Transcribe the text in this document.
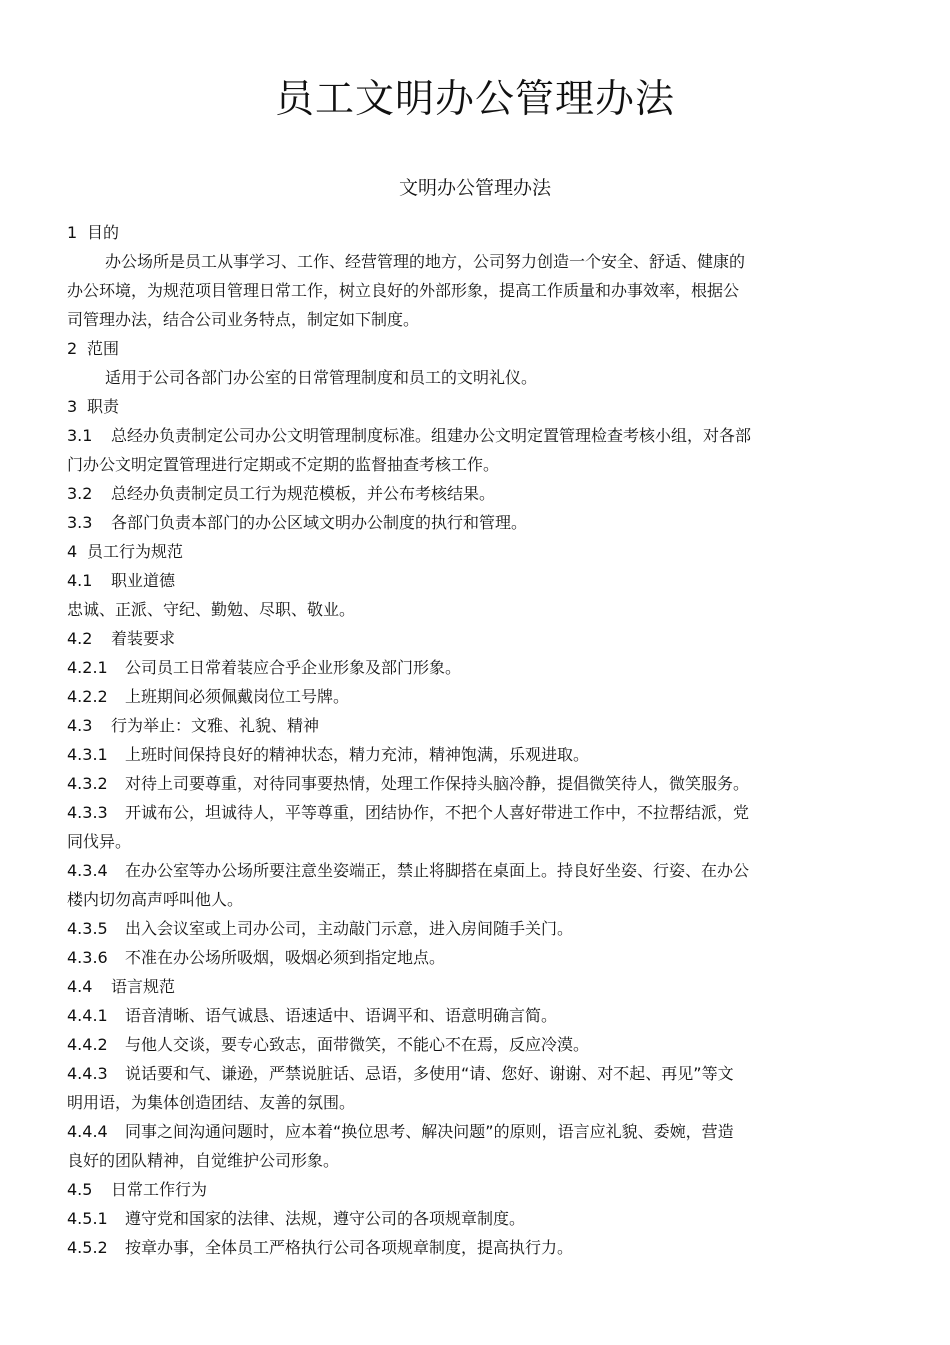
员工文明办公管理办法
文明办公管理办法

1 目的

办公场所是员工从事学习、工作、经营管理的地方，公司努力创造一个安全、舒适、健康的

办公环境，为规范项目管理日常工作，树立良好的外部形象，提高工作质量和办事效率，根据公

司管理办法，结合公司业务特点，制定如下制度。

2 范围

适用于公司各部门办公室的日常管理制度和员工的文明礼仪。

3 职责

3.1 总经办负责制定公司办公文明管理制度标准。组建办公文明定置管理检查考核小组，对各部

门办公文明定置管理进行定期或不定期的监督抽查考核工作。

3.2 总经办负责制定员工行为规范模板，并公布考核结果。

3.3 各部门负责本部门的办公区域文明办公制度的执行和管理。

4 员工行为规范

4.1 职业道德

忠诚、正派、守纪、勤勉、尽职、敬业。

4.2 着装要求

4.2.1 公司员工日常着装应合乎企业形象及部门形象。

4.2.2 上班期间必须佩戴岗位工号牌。

4.3 行为举止：文雅、礼貌、精神

4.3.1 上班时间保持良好的精神状态，精力充沛，精神饱满，乐观进取。

4.3.2 对待上司要尊重，对待同事要热情，处理工作保持头脑冷静，提倡微笑待人，微笑服务。

4.3.3 开诚布公，坦诚待人，平等尊重，团结协作，不把个人喜好带进工作中，不拉帮结派，党

同伐异。

4.3.4 在办公室等办公场所要注意坐姿端正，禁止将脚搭在桌面上。持良好坐姿、行姿、在办公

楼内切勿高声呼叫他人。

4.3.5 出入会议室或上司办公司，主动敲门示意，进入房间随手关门。

4.3.6 不准在办公场所吸烟，吸烟必须到指定地点。

4.4 语言规范

4.4.1 语音清晰、语气诚恳、语速适中、语调平和、语意明确言简。

4.4.2 与他人交谈，要专心致志，面带微笑，不能心不在焉，反应冷漠。

4.4.3 说话要和气、谦逊，严禁说脏话、忌语，多使用“请、您好、谢谢、对不起、再见”等文

明用语，为集体创造团结、友善的氛围。

4.4.4 同事之间沟通问题时，应本着“换位思考、解决问题”的原则，语言应礼貌、委婉，营造

良好的团队精神，自觉维护公司形象。

4.5 日常工作行为

4.5.1 遵守党和国家的法律、法规，遵守公司的各项规章制度。

4.5.2 按章办事，全体员工严格执行公司各项规章制度，提高执行力。
